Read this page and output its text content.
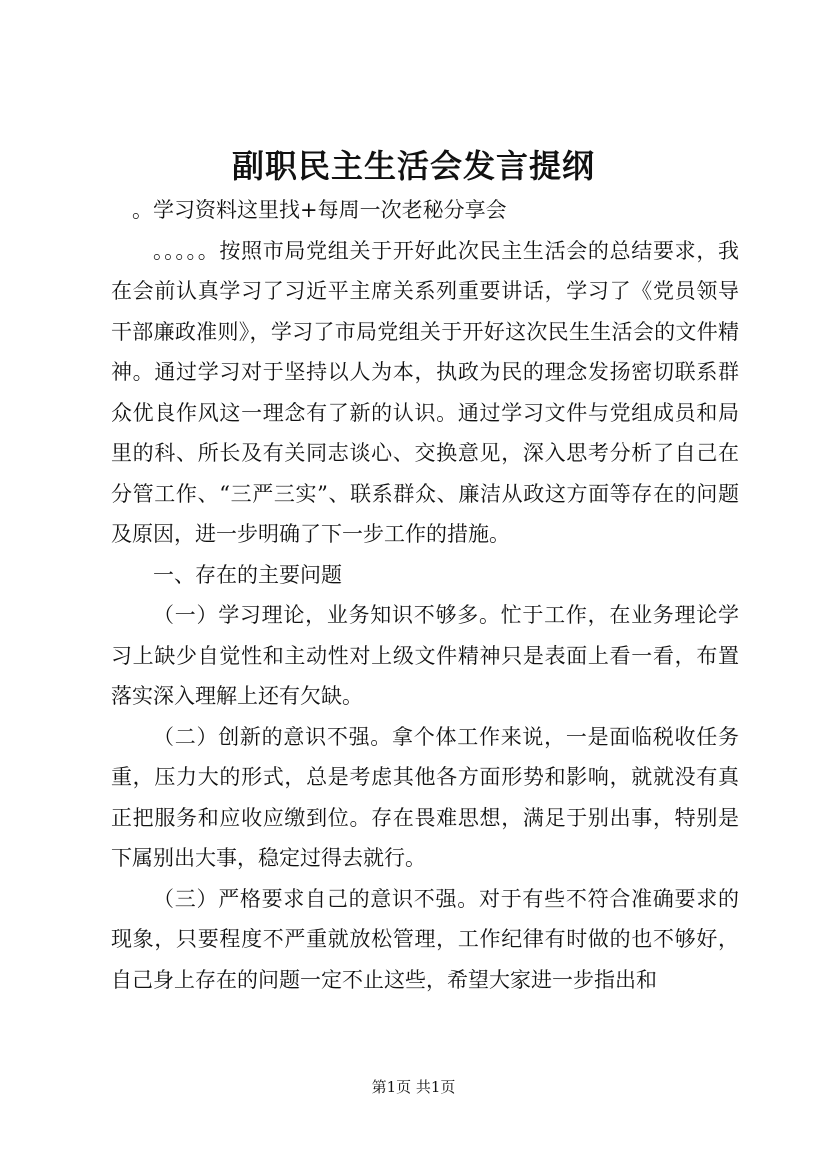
副职民主生活会发言提纲

。学习资料这里找+每周一次老秘分享会

。。。。。按照市局党组关于开好此次民主生活会的总结要求，我在会前认真学习了习近平主席关系列重要讲话，学习了《党员领导干部廉政准则》，学习了市局党组关于开好这次民生生活会的文件精神。通过学习对于坚持以人为本，执政为民的理念发扬密切联系群众优良作风这一理念有了新的认识。通过学习文件与党组成员和局里的科、所长及有关同志谈心、交换意见，深入思考分析了自己在分管工作、“三严三实”、联系群众、廉洁从政这方面等存在的问题及原因，进一步明确了下一步工作的措施。

一、存在的主要问题

（一）学习理论，业务知识不够多。忙于工作，在业务理论学习上缺少自觉性和主动性对上级文件精神只是表面上看一看，布置落实深入理解上还有欠缺。

（二）创新的意识不强。拿个体工作来说，一是面临税收任务重，压力大的形式，总是考虑其他各方面形势和影响，就就没有真正把服务和应收应缴到位。存在畏难思想，满足于别出事，特别是下属别出大事，稳定过得去就行。

（三）严格要求自己的意识不强。对于有些不符合准确要求的现象，只要程度不严重就放松管理，工作纪律有时做的也不够好，自己身上存在的问题一定不止这些，希望大家进一步指出和

第1页 共1页
